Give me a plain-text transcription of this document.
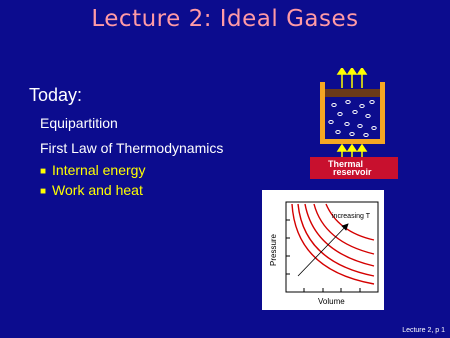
Lecture 2: Ideal Gases
Today:
Equipartition
First Law of Thermodynamics
■ Internal energy
■ Work and heat
Thermal
reservoir
increasing T
Volume
Pressure
Lecture 2, p 1
